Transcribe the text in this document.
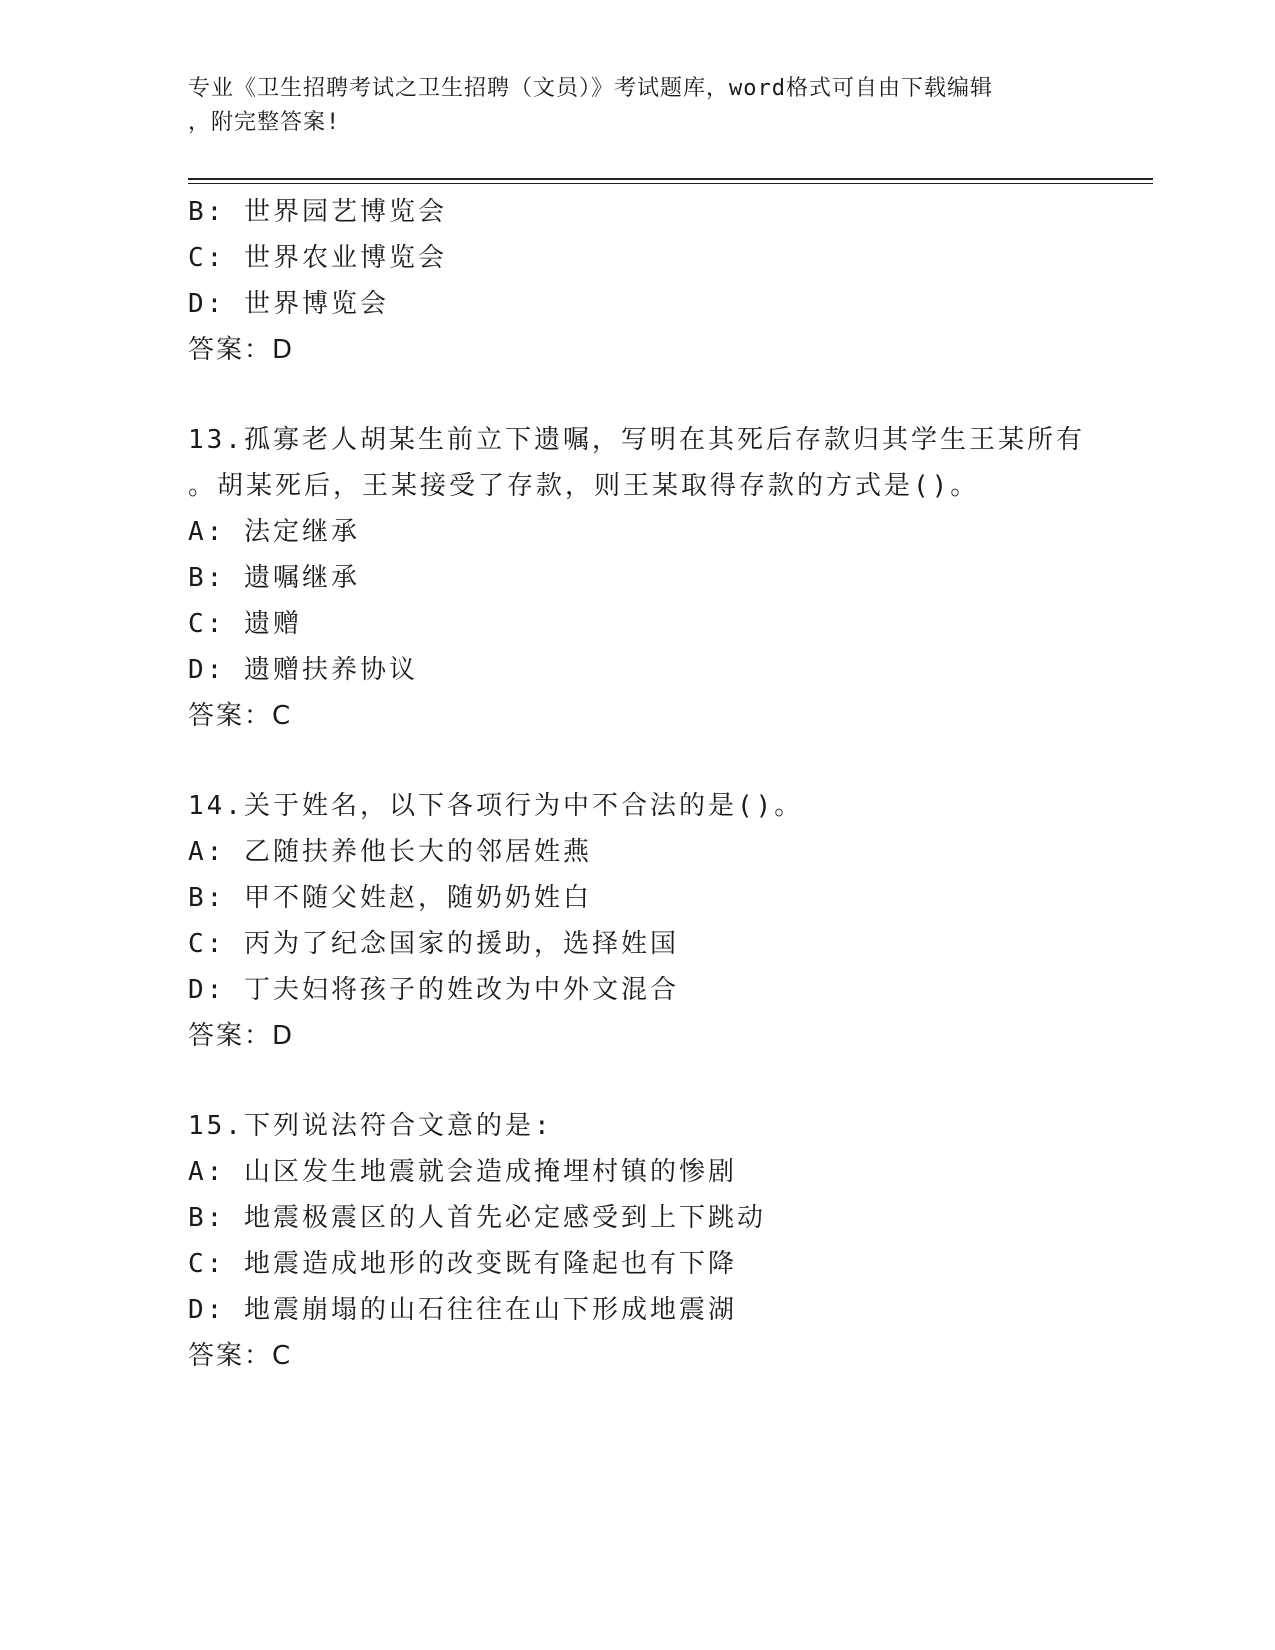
专业《卫生招聘考试之卫生招聘（文员）》考试题库，word格式可自由下载编辑
，附完整答案!
B: 世界园艺博览会
C: 世界农业博览会
D: 世界博览会
答案：D
13.孤寡老人胡某生前立下遗嘱，写明在其死后存款归其学生王某所有
。胡某死后，王某接受了存款，则王某取得存款的方式是()。
A: 法定继承
B: 遗嘱继承
C: 遗赠
D: 遗赠扶养协议
答案：C
14.关于姓名，以下各项行为中不合法的是()。
A: 乙随扶养他长大的邻居姓燕
B: 甲不随父姓赵，随奶奶姓白
C: 丙为了纪念国家的援助，选择姓国
D: 丁夫妇将孩子的姓改为中外文混合
答案：D
15.下列说法符合文意的是:
A: 山区发生地震就会造成掩埋村镇的惨剧
B: 地震极震区的人首先必定感受到上下跳动
C: 地震造成地形的改变既有隆起也有下降
D: 地震崩塌的山石往往在山下形成地震湖
答案：C
